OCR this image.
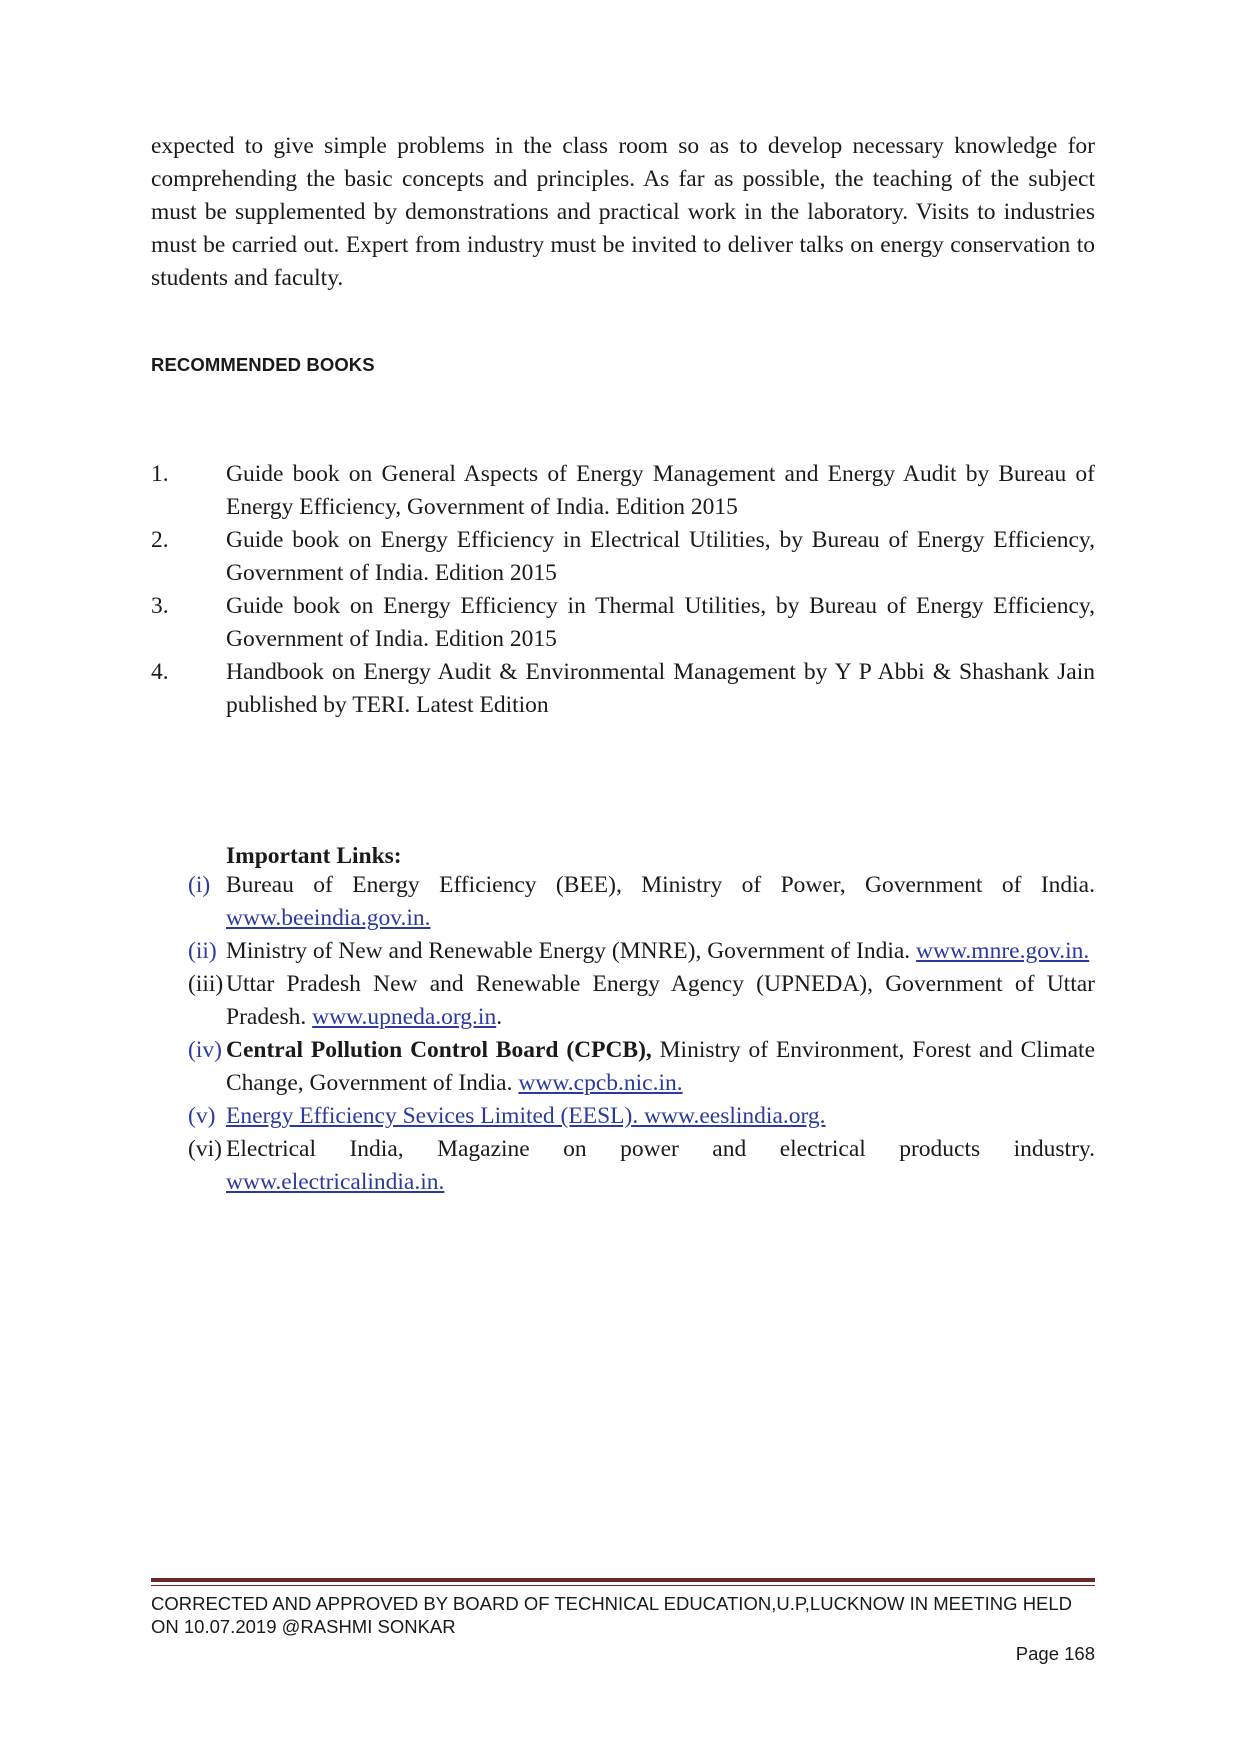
expected to give simple problems in the class room so as to develop necessary knowledge for comprehending the basic concepts and principles. As far as possible, the teaching of the subject must be supplemented by demonstrations and practical work in the laboratory. Visits to industries must be carried out. Expert from industry must be invited to deliver talks on energy conservation to students and faculty.

RECOMMENDED BOOKS
1. Guide book on General Aspects of Energy Management and Energy Audit by Bureau of Energy Efficiency, Government of India. Edition 2015
2. Guide book on Energy Efficiency in Electrical Utilities, by Bureau of Energy Efficiency, Government of India. Edition 2015
3. Guide book on Energy Efficiency in Thermal Utilities, by Bureau of Energy Efficiency, Government of India. Edition 2015
4. Handbook on Energy Audit & Environmental Management by Y P Abbi & Shashank Jain published by TERI. Latest Edition
Important Links:
(i) Bureau of Energy Efficiency (BEE), Ministry of Power, Government of India. www.beeindia.gov.in.
(ii) Ministry of New and Renewable Energy (MNRE), Government of India. www.mnre.gov.in.
(iii) Uttar Pradesh New and Renewable Energy Agency (UPNEDA), Government of Uttar Pradesh. www.upneda.org.in.
(iv) Central Pollution Control Board (CPCB), Ministry of Environment, Forest and Climate Change, Government of India. www.cpcb.nic.in.
(v) Energy Efficiency Sevices Limited (EESL). www.eeslindia.org.
(vi) Electrical India, Magazine on power and electrical products industry. www.electricalindia.in.

CORRECTED AND APPROVED BY BOARD OF TECHNICAL EDUCATION,U.P,LUCKNOW IN MEETING HELD
ON 10.07.2019 @RASHMI SONKAR

Page 168
